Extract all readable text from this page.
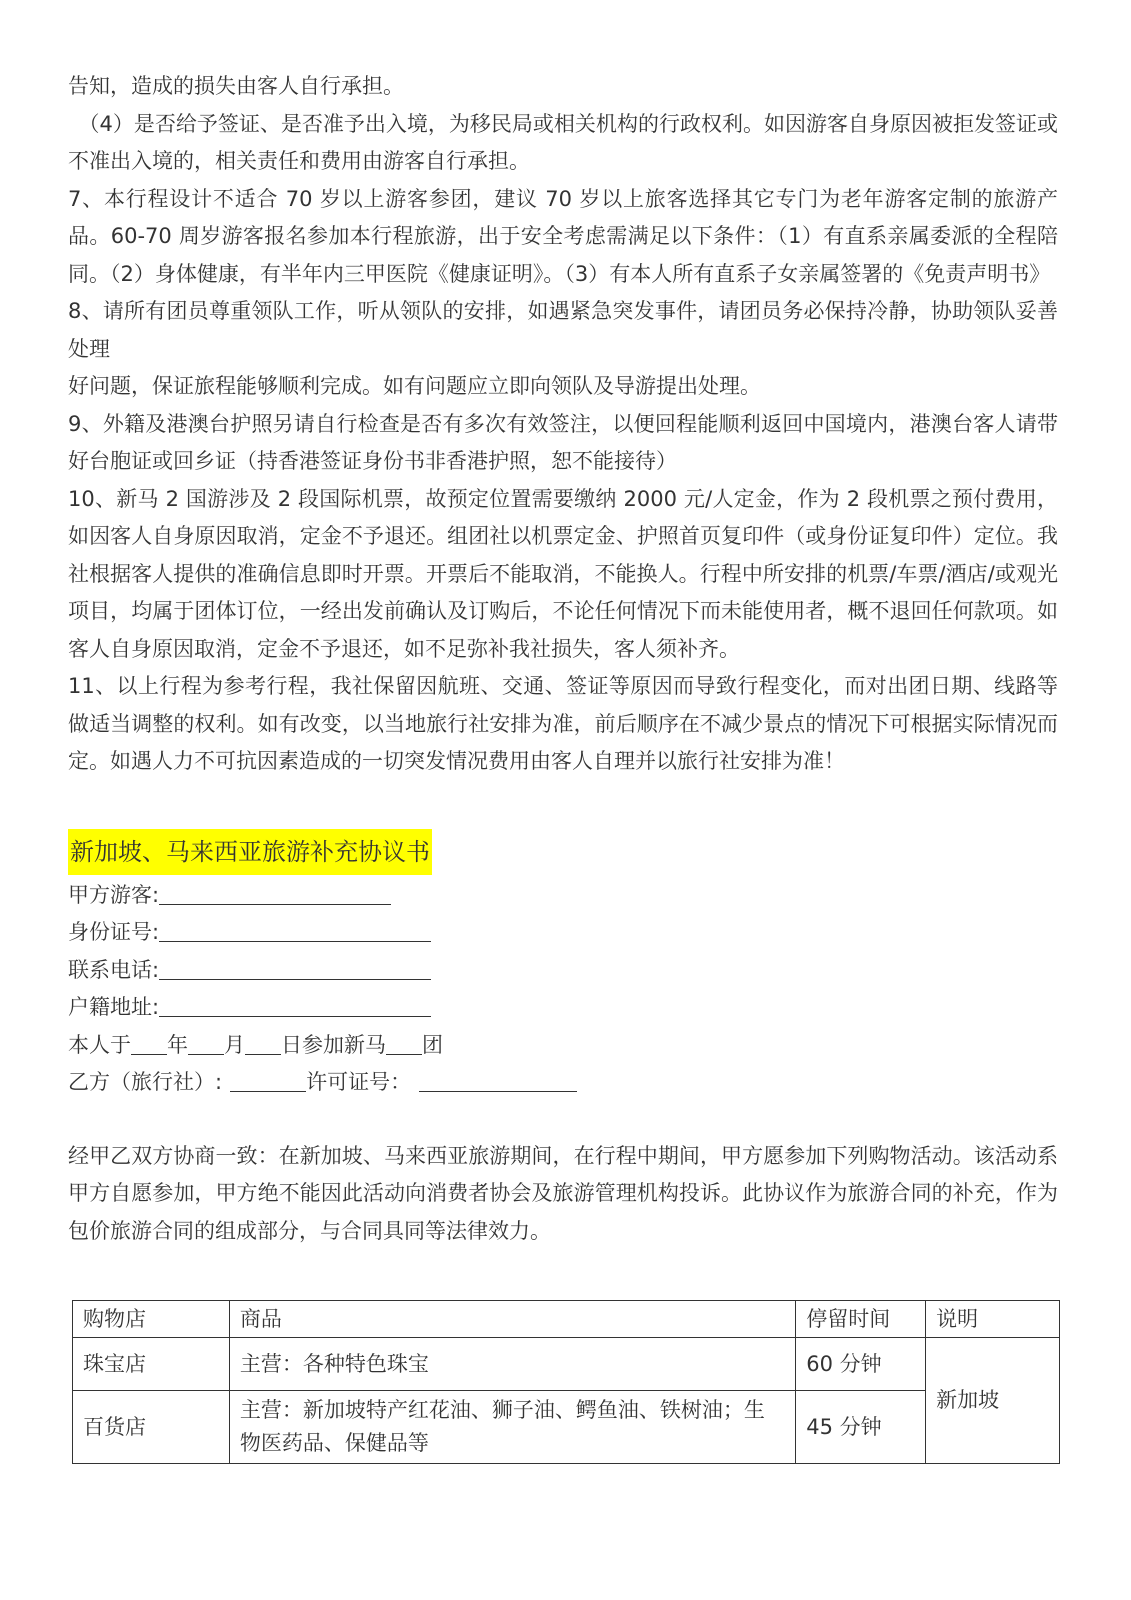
告知，造成的损失由客人自行承担。

（4）是否给予签证、是否准予出入境，为移民局或相关机构的行政权利。如因游客自身原因被拒发签证或不准出入境的，相关责任和费用由游客自行承担。

7、本行程设计不适合 70 岁以上游客参团，建议 70 岁以上旅客选择其它专门为老年游客定制的旅游产品。60-70 周岁游客报名参加本行程旅游，出于安全考虑需满足以下条件：（1）有直系亲属委派的全程陪同。（2）身体健康，有半年内三甲医院《健康证明》。（3）有本人所有直系子女亲属签署的《免责声明书》

8、请所有团员尊重领队工作，听从领队的安排，如遇紧急突发事件，请团员务必保持冷静，协助领队妥善处理

好问题，保证旅程能够顺利完成。如有问题应立即向领队及导游提出处理。

9、外籍及港澳台护照另请自行检查是否有多次有效签注，以便回程能顺利返回中国境内，港澳台客人请带好台胞证或回乡证（持香港签证身份书非香港护照，恕不能接待）

10、新马 2 国游涉及 2 段国际机票，故预定位置需要缴纳 2000 元/人定金，作为 2 段机票之预付费用，如因客人自身原因取消，定金不予退还。组团社以机票定金、护照首页复印件（或身份证复印件）定位。我社根据客人提供的准确信息即时开票。开票后不能取消，不能换人。行程中所安排的机票/车票/酒店/或观光项目，均属于团体订位，一经出发前确认及订购后，不论任何情况下而未能使用者，概不退回任何款项。如客人自身原因取消，定金不予退还，如不足弥补我社损失，客人须补齐。

11、以上行程为参考行程，我社保留因航班、交通、签证等原因而导致行程变化，而对出团日期、线路等做适当调整的权利。如有改变，以当地旅行社安排为准，前后顺序在不减少景点的情况下可根据实际情况而定。如遇人力不可抗因素造成的一切突发情况费用由客人自理并以旅行社安排为准！

新加坡、马来西亚旅游补充协议书
甲方游客:
身份证号:
联系电话:
户籍地址:
本人于 年 月 日参加新马 团
乙方（旅行社）:	许可证号：

经甲乙双方协商一致：在新加坡、马来西亚旅游期间，在行程中期间，甲方愿参加下列购物活动。该活动系甲方自愿参加，甲方绝不能因此活动向消费者协会及旅游管理机构投诉。此协议作为旅游合同的补充，作为包价旅游合同的组成部分，与合同具同等法律效力。

购物店	商品	停留时间	说明
珠宝店	主营：各种特色珠宝	60 分钟	新加坡
百货店	主营：新加坡特产红花油、狮子油、鳄鱼油、铁树油；生物医药品、保健品等	45 分钟	
